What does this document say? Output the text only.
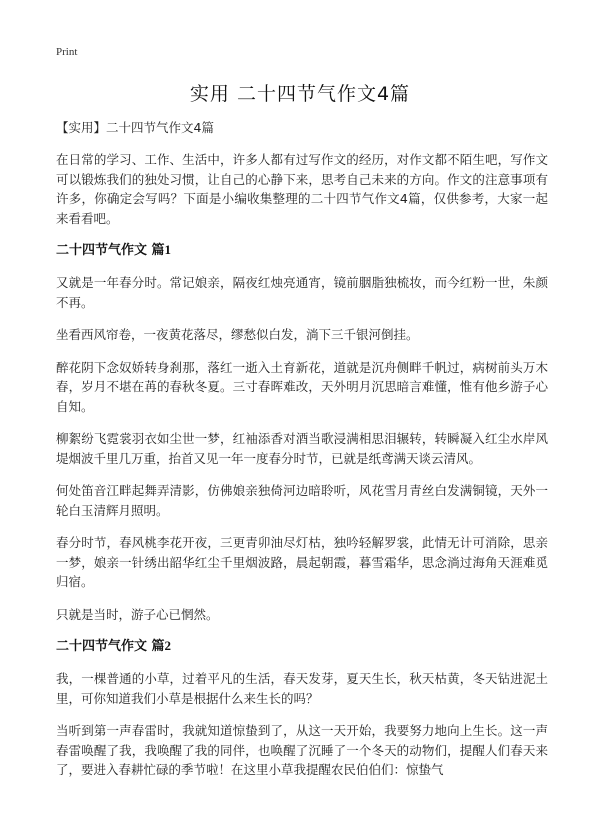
Print
实用 二十四节气作文4篇
【实用】二十四节气作文4篇

在日常的学习、工作、生活中，许多人都有过写作文的经历，对作文都不陌生吧，写作文可以锻炼我们的独处习惯，让自己的心静下来，思考自己未来的方向。作文的注意事项有许多，你确定会写吗？下面是小编收集整理的二十四节气作文4篇，仅供参考，大家一起来看看吧。

二十四节气作文 篇1

又就是一年春分时。常记娘亲，隔夜红烛亮通宵，镜前胭脂独梳妆，而今红粉一世，朱颜不再。

坐看西风帘卷，一夜黄花落尽，缪愁似白发，淌下三千银河倒挂。

醉花阴下念奴娇转身刹那，落红一逝入土育新花，道就是沉舟侧畔千帆过，病树前头万木春，岁月不堪在苒的春秋冬夏。三寸春晖难改，天外明月沉思暗言难懂，惟有他乡游子心自知。

柳絮纷飞霓裳羽衣如尘世一梦，红袖添香对酒当歌浸满相思泪辗转，转瞬凝入红尘水岸风堤烟波千里几万重，抬首又见一年一度春分时节，已就是纸鸢满天谈云清风。

何处笛音江畔起舞弄清影，仿佛娘亲独倚河边暗聆听，风花雪月青丝白发满铜镜，天外一轮白玉清辉月照明。

春分时节，春风桃李花开夜，三更青卯油尽灯枯，独吟轻解罗裳，此情无计可消除，思亲一梦，娘亲一针绣出韶华红尘千里烟波路，晨起朝霞，暮雪霜华，思念淌过海角天涯难觅归宿。

只就是当时，游子心已惘然。

二十四节气作文 篇2

我，一棵普通的小草，过着平凡的生活，春天发芽，夏天生长，秋天枯黄，冬天钻进泥土里，可你知道我们小草是根据什么来生长的吗？

当听到第一声春雷时，我就知道惊蛰到了，从这一天开始，我要努力地向上生长。这一声春雷唤醒了我，我唤醒了我的同伴，也唤醒了沉睡了一个冬天的动物们，提醒人们春天来了，要进入春耕忙碌的季节啦！在这里小草我提醒农民伯伯们：惊蛰气
